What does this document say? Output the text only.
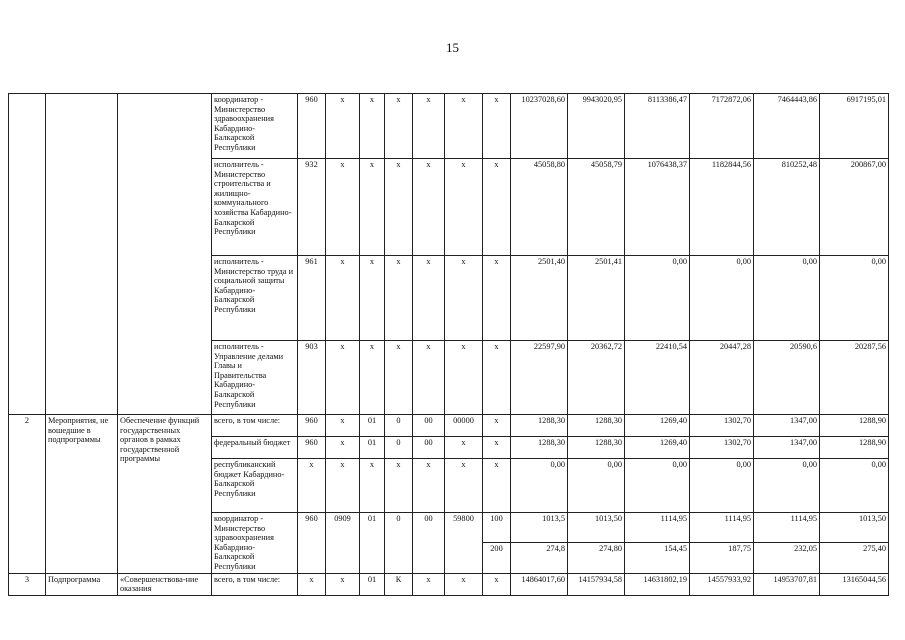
15
			координатор - Министерство здравоохранения Кабардино-Балкарской Республики	960	x	x	x	x	x	x	10237028,60	9943020,95	8113386,47	7172872,06	7464443,86	6917195,01
			исполнитель - Министерство строительства и жилищно-коммунального хозяйства Кабардино-Балкарской Республики	932	x	x	x	x	x	x	45058,80	45058,79	1076438,37	1182844,56	810252,48	200867,00
			исполнитель - Министерство труда и социальной защиты Кабардино-Балкарской Республики	961	x	x	x	x	x	x	2501,40	2501,41	0,00	0,00	0,00	0,00
			исполнитель - Управление делами Главы и Правительства Кабардино-Балкарской Республики	903	x	x	x	x	x	x	22597,90	20362,72	22410,54	20447,28	20590,6	20287,56
2	Мероприятия, не вошедшие в подпрограммы	Обеспечение функций государственных органов в рамках государственной программы	всего, в том числе:	960	x	01	0	00	00000	x	1288,30	1288,30	1269,40	1302,70	1347,00	1288,90
			федеральный бюджет	960	x	01	0	00	x	x	1288,30	1288,30	1269,40	1302,70	1347,00	1288,90
			республиканский бюджет Кабардино-Балкарской Республики	x	x	x	x	x	x	x	0,00	0,00	0,00	0,00	0,00	0,00
			координатор - Министерство здравоохранения Кабардино-Балкарской Республики	960	0909	01	0	00	59800	100	1013,5	1013,50	1114,95	1114,95	1114,95	1013,50
										200	274,8	274,80	154,45	187,75	232,05	275,40

3	Подпрограмма	«Совершенствова-ние оказания	всего, в том числе:	x	x	01	К	x	x	x	14864017,60	14157934,58	14631802,19	14557933,92	14953707,81	13165044,56
